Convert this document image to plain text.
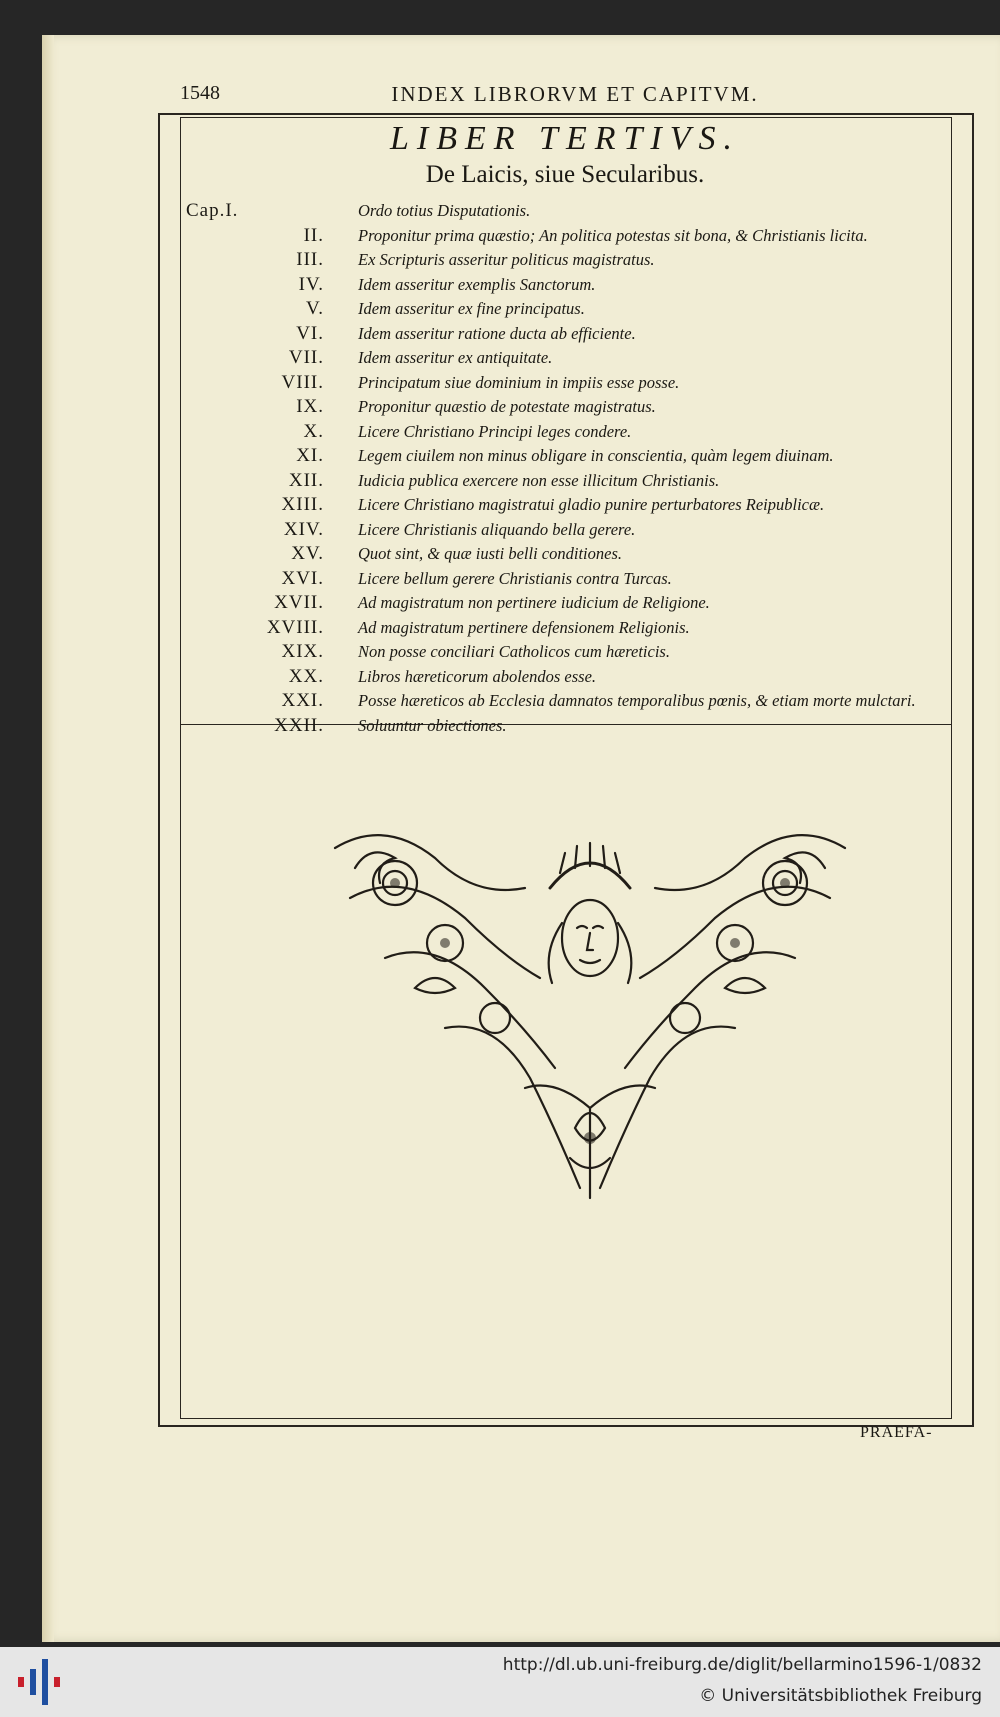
1548	INDEX LIBRORVM ET CAPITVM.
LIBER TERTIVS.
De Laicis, siue Secularibus.
Cap.I.	Ordo totius Disputationis.
II. Proponitur prima quæstio; An politica potestas sit bona, & Christianis licita.
III. Ex Scripturis asseritur politicus magistratus.
IV. Idem asseritur exemplis Sanctorum.
V. Idem asseritur ex fine principatus.
VI. Idem asseritur ratione ducta ab efficiente.
VII. Idem asseritur ex antiquitate.
VIII. Principatum siue dominium in impiis esse posse.
IX. Proponitur quæstio de potestate magistratus.
X. Licere Christiano Principi leges condere.
XI. Legem ciuilem non minus obligare in conscientia, quàm legem diuinam.
XII. Iudicia publica exercere non esse illicitum Christianis.
XIII. Licere Christiano magistratui gladio punire perturbatores Reipublicæ.
XIV. Licere Christianis aliquando bella gerere.
XV. Quot sint, & quæ iusti belli conditiones.
XVI. Licere bellum gerere Christianis contra Turcas.
XVII. Ad magistratum non pertinere iudicium de Religione.
XVIII. Ad magistratum pertinere defensionem Religionis.
XIX. Non posse conciliari Catholicos cum hæreticis.
XX. Libros hæreticorum abolendos esse.
XXI. Posse hæreticos ab Ecclesia damnatos temporalibus pœnis, & etiam morte mulctari.
XXII. Soluuntur obiectiones.
PRAEFA-
http://dl.ub.uni-freiburg.de/diglit/bellarmino1596-1/0832
© Universitätsbibliothek Freiburg
